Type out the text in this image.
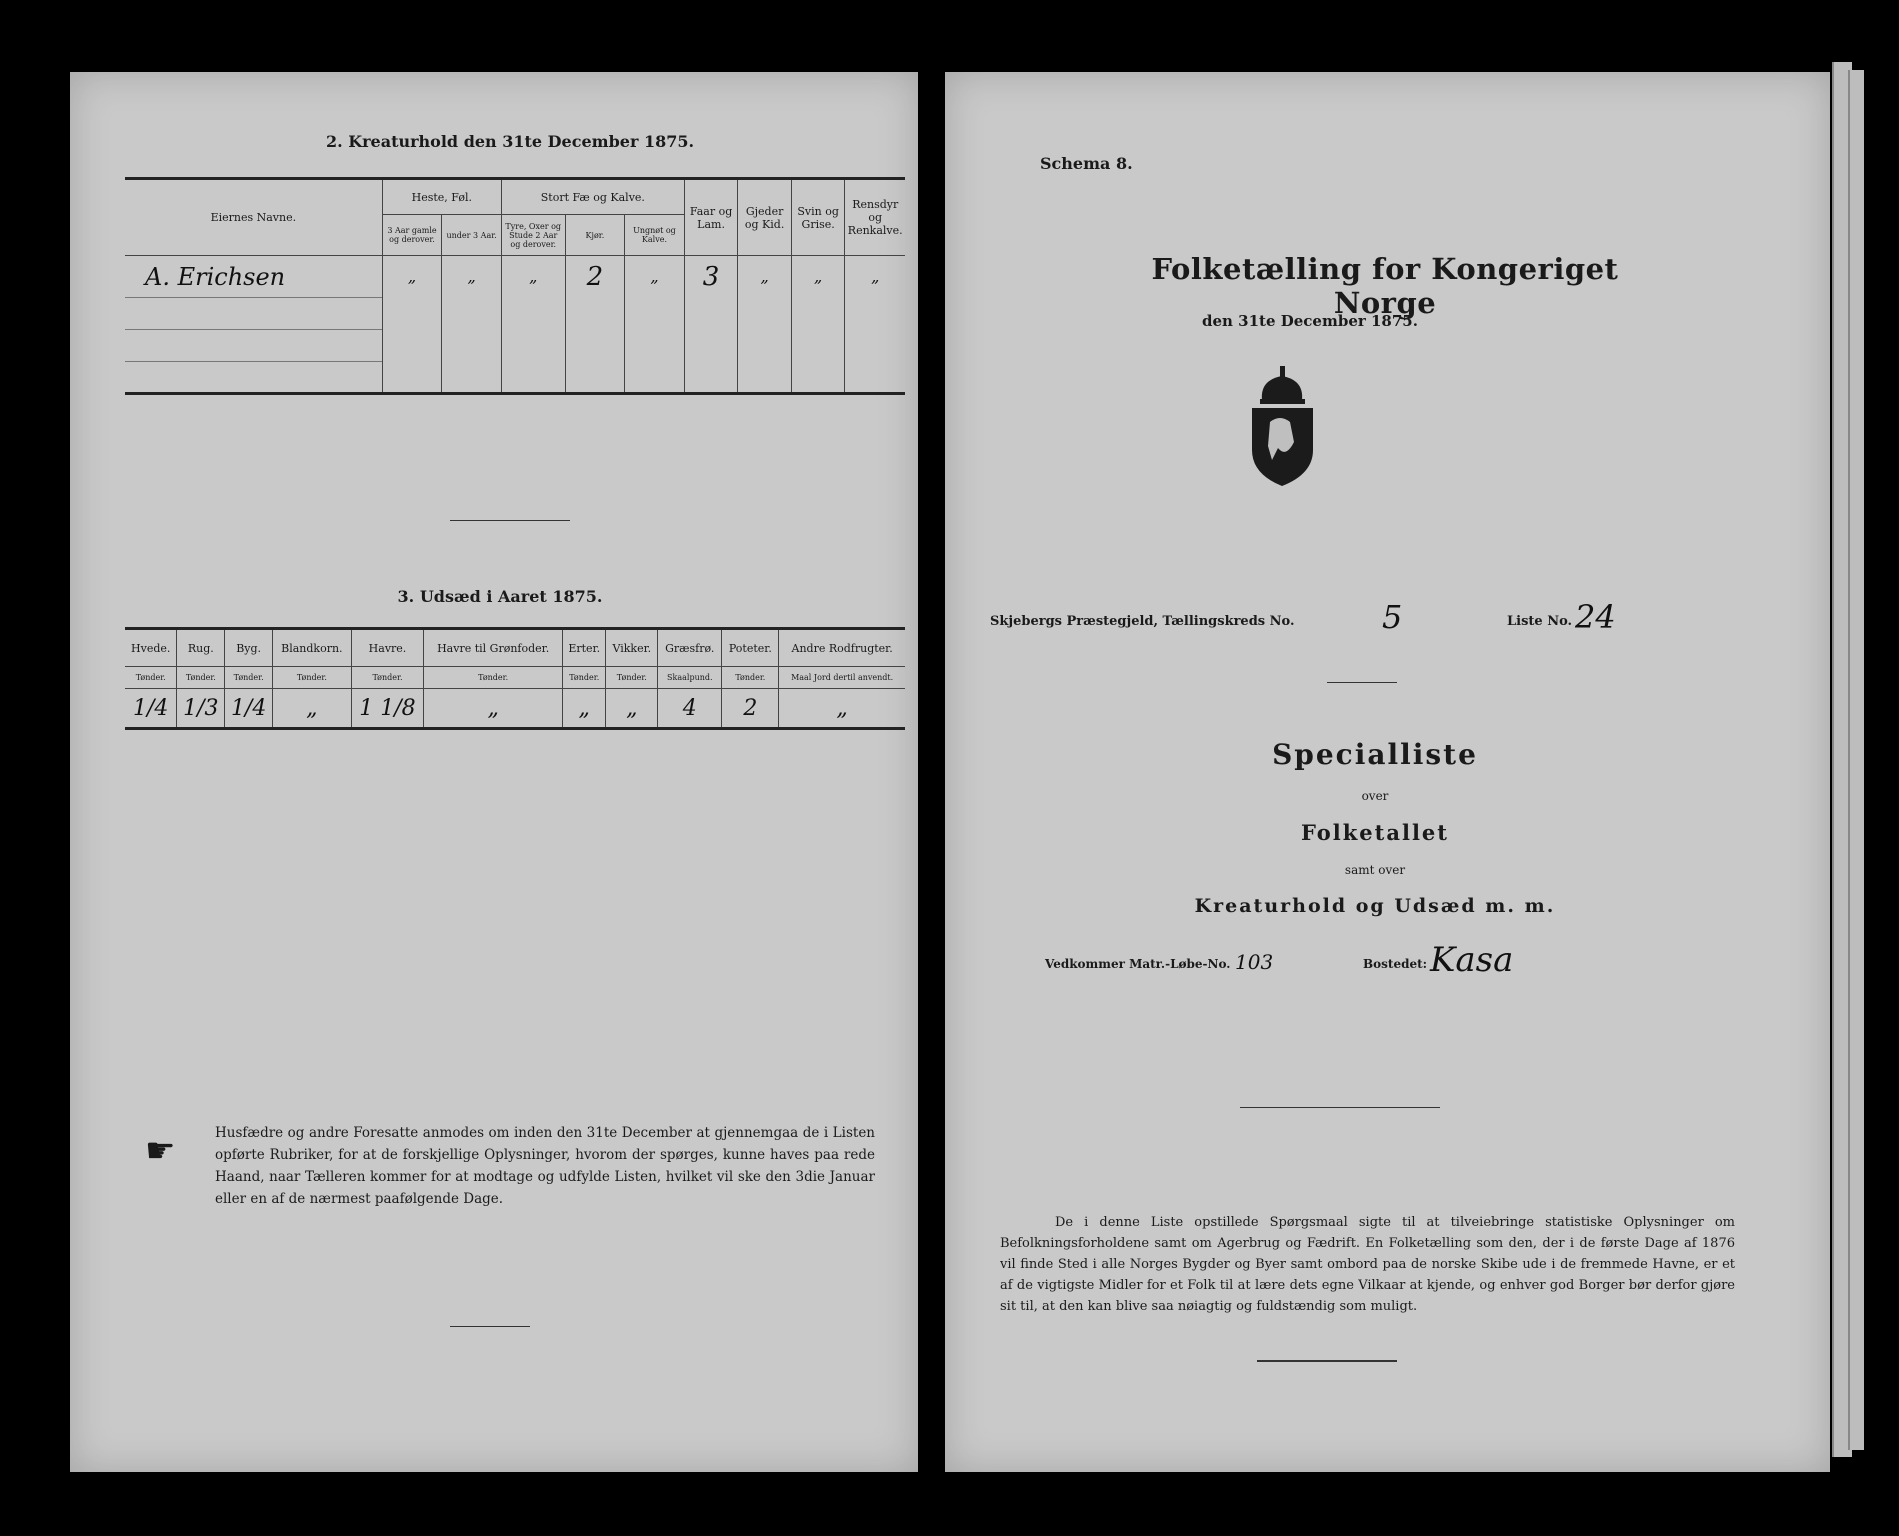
2. Kreaturhold den 31te December 1875.
Eiernes Navne.	Heste, Føl.		Stort Fæ og Kalve.			Faar og Lam.	Gjeder og Kid.	Svin og Grise.	Rensdyr og Renkalve.
	3 Aar gamle og derover.	under 3 Aar.	Tyre, Oxer og Stude 2 Aar og derover.	Kjør.	Ungnøt og Kalve.				
A. Erichsen	„	„	„	2	„	3	„	„	„

3. Udsæd i Aaret 1875.
Hvede.	Rug.	Byg.	Blandkorn.	Havre.	Havre til Grønfoder.	Erter.	Vikker.	Græsfrø.	Poteter.	Andre Rodfrugter.
Tønder.	Tønder.	Tønder.	Tønder.	Tønder.	Tønder.	Tønder.	Tønder.	Skaalpund.	Tønder.	Maal Jord dertil anvendt.
1/4	1/3	1/4	„	1 1/8	„	„	„	4	2	„

☛	Husfædre og andre Foresatte anmodes om inden den 31te December at gjennemgaa de i Listen opførte Rubriker, for at de forskjellige Oplysninger, hvorom der spørges, kunne haves paa rede Haand, naar Tælleren kommer for at modtage og udfylde Listen, hvilket vil ske den 3die Januar eller en af de nærmest paafølgende Dage.
Schema 8.
Folketælling for Kongeriget Norge
den 31te December 1875.
Skjebergs Præstegjeld, Tællingskreds No.	5	Liste No. 24
Specialliste
over
Folketallet
samt over
Kreaturhold og Udsæd m. m.
Vedkommer Matr.-Løbe-No. 103	Bostedet: Kasa
De i denne Liste opstillede Spørgsmaal sigte til at tilveiebringe statistiske Oplysninger om Befolkningsforholdene samt om Agerbrug og Fædrift. En Folketælling som den, der i de første Dage af 1876 vil finde Sted i alle Norges Bygder og Byer samt ombord paa de norske Skibe ude i de fremmede Havne, er et af de vigtigste Midler for et Folk til at lære dets egne Vilkaar at kjende, og enhver god Borger bør derfor gjøre sit til, at den kan blive saa nøiagtig og fuldstændig som muligt.
